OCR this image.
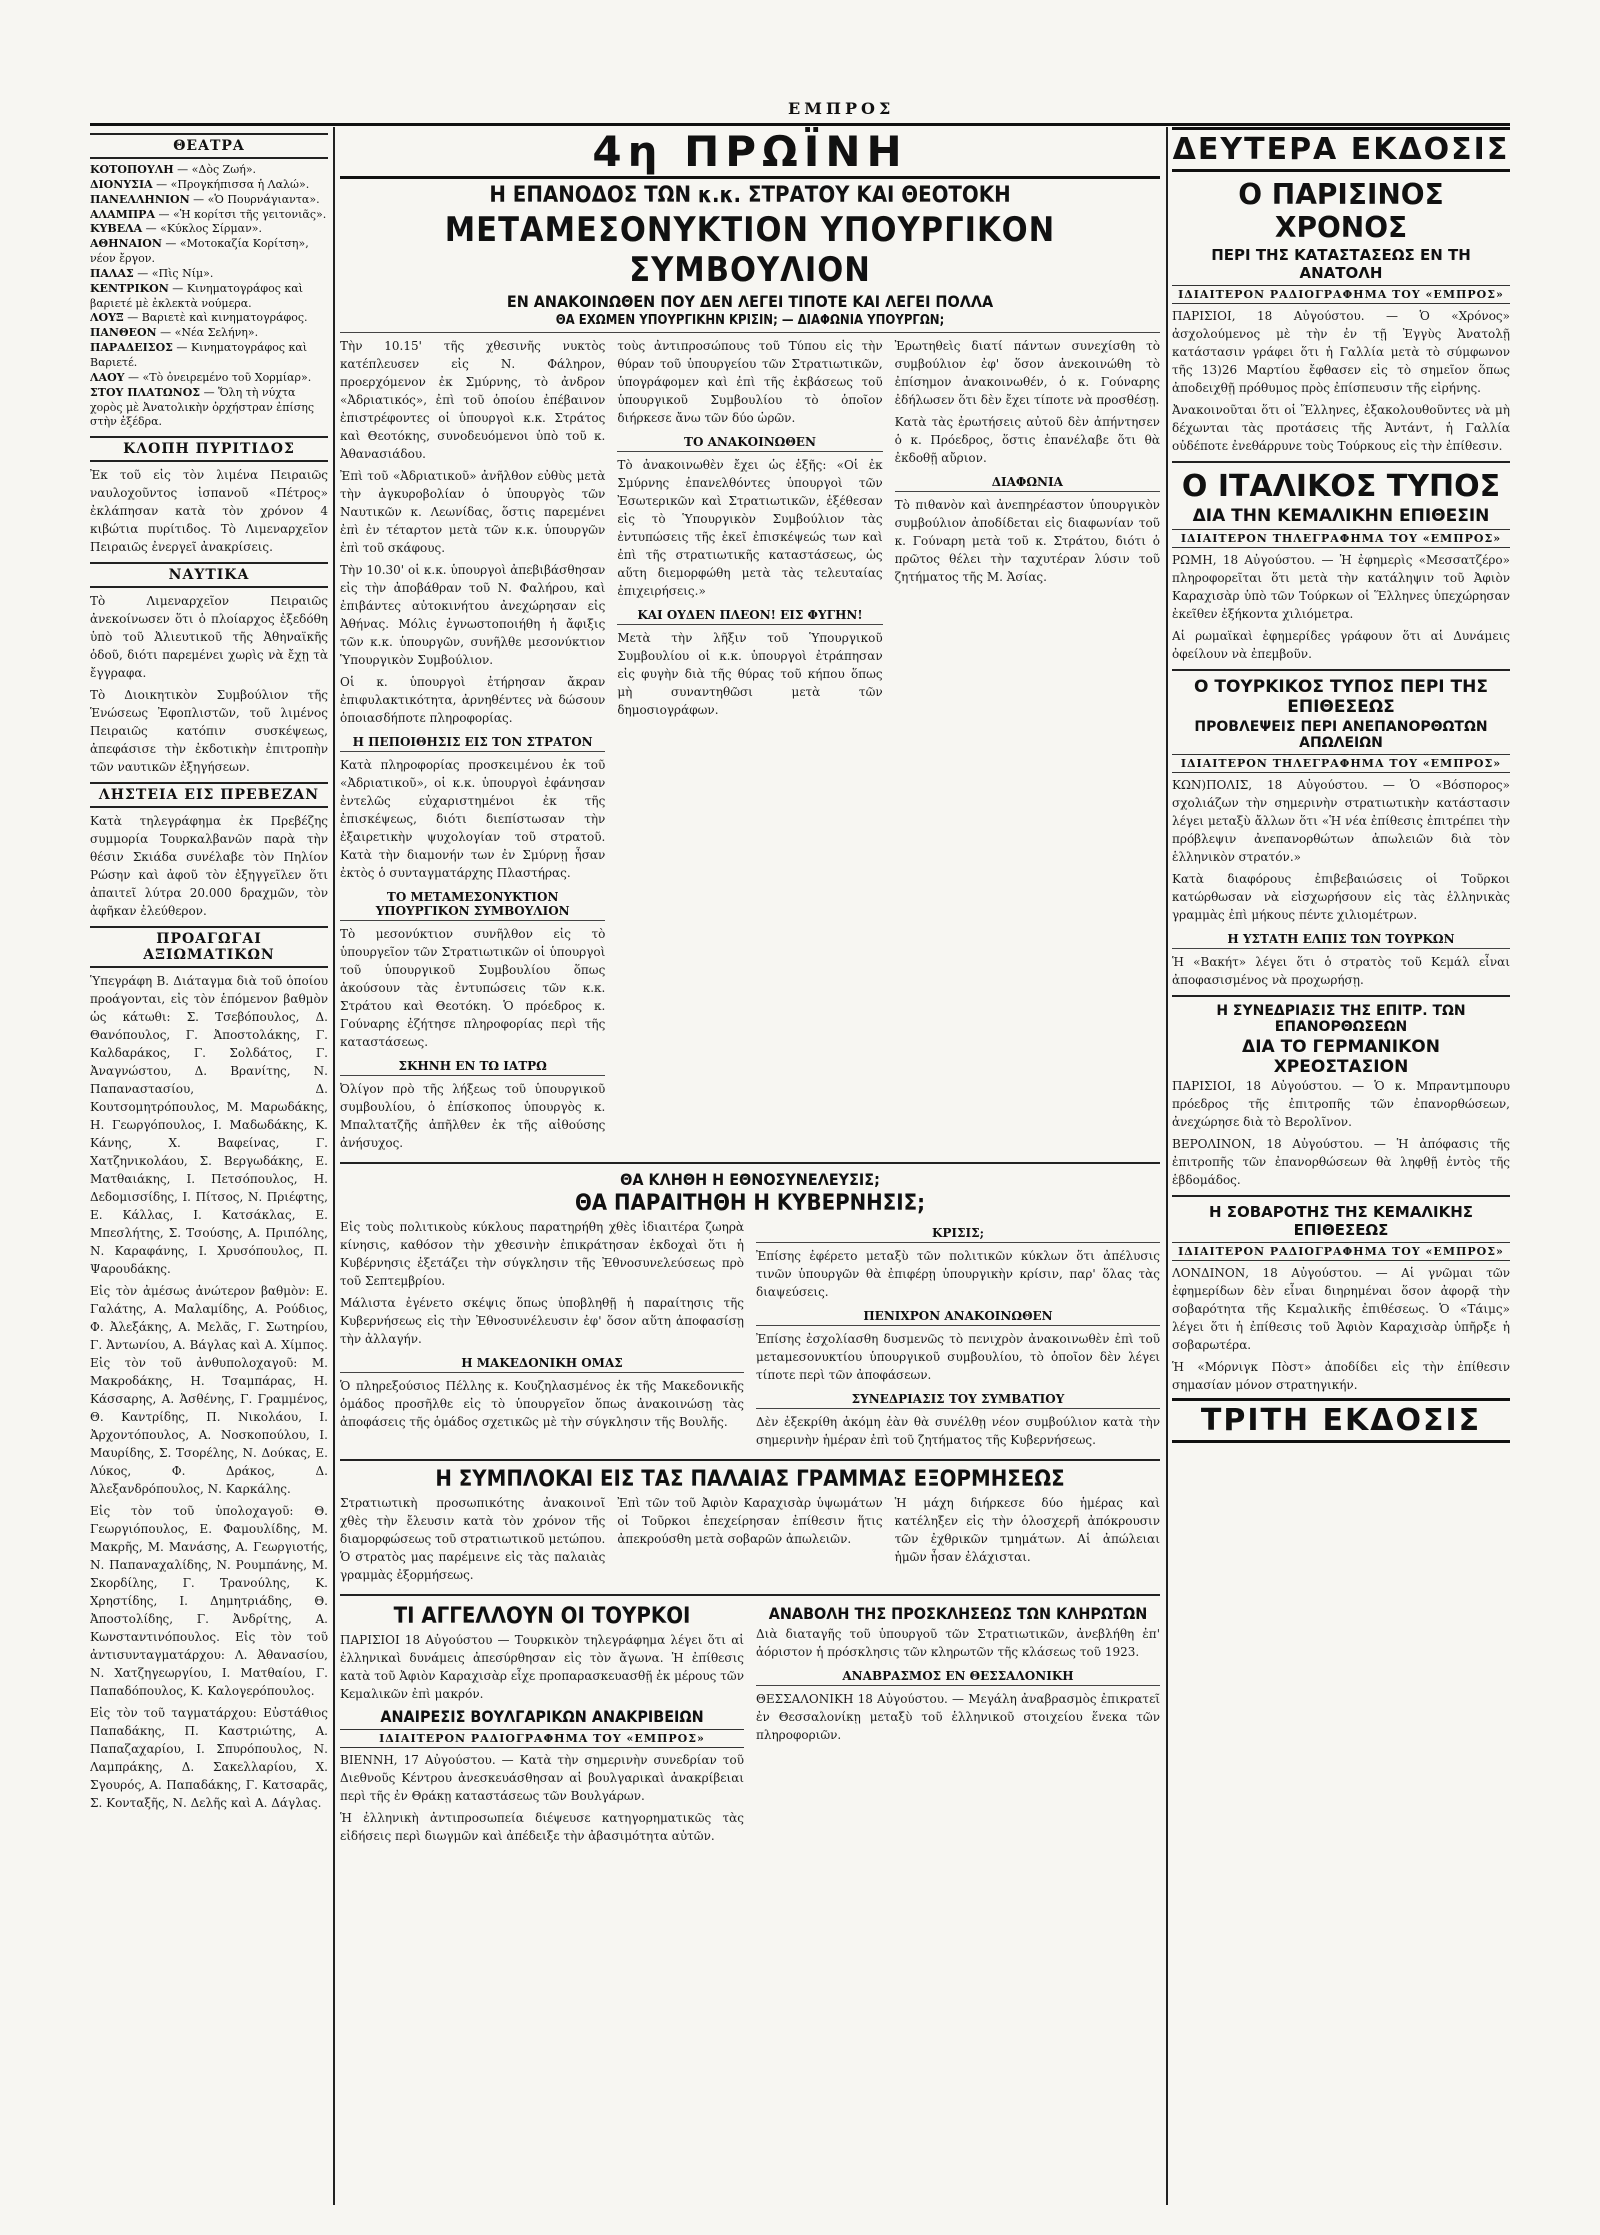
ΕΜΠΡΟΣ
ΘΕΑΤΡΑ
ΚΟΤΟΠΟΥΛΗ — «Δὸς Ζωή».
ΔΙΟΝΥΣΙΑ — «Προγκήπισσα ἡ Λαλώ».
ΠΑΝΕΛΛΗΝΙΟΝ — «Ὁ Πουρνάγιαντα».
ΑΛΑΜΠΡΑ — «Ἡ κορίτσι τῆς γειτονιᾶς».
ΚΥΒΕΛΑ — «Κύκλος Σίρμαν».
ΑΘΗΝΑΙΟΝ — «Μοτοκαζία Κορίτση», νέον ἔργον.
ΠΑΛΑΣ — «Πὶς Νίμ».
ΚΕΝΤΡΙΚΟΝ — Κινηματογράφος καὶ βαριετέ μὲ ἐκλεκτὰ νούμερα.
ΛΟΥΞ — Βαριετὲ καὶ κινηματογράφος.
ΠΑΝΘΕΟΝ — «Νέα Σελήνη».
ΠΑΡΑΔΕΙΣΟΣ — Κινηματογράφος καὶ Βαριετέ.
ΛΑΟΥ — «Τὸ ὀνειρεμένο τοῦ Χορμίαρ».
ΣΤΟΥ ΠΛΑΤΩΝΟΣ — Ὅλη τὴ νύχτα χορὸς μὲ Ἀνατολικὴν ὀρχήστραν ἐπίσης στὴν ἐξέδρα.
ΚΛΟΠΗ ΠΥΡΙΤΙΔΟΣ

Ἐκ τοῦ εἰς τὸν λιμένα Πειραιῶς ναυλοχοῦντος ἰσπανοῦ «Πέτρος» ἐκλάπησαν κατὰ τὸν χρόνον 4 κιβώτια πυρίτιδος. Τὸ Λιμεναρχεῖον Πειραιῶς ἐνεργεῖ ἀνακρίσεις.

ΝΑΥΤΙΚΑ

Τὸ Λιμεναρχεῖον Πειραιῶς ἀνεκοίνωσεν ὅτι ὁ πλοίαρχος ἐξεδόθη ὑπὸ τοῦ Ἀλιευτικοῦ τῆς Ἀθηναϊκῆς ὁδοῦ, διότι παρεμένει χωρὶς νὰ ἔχῃ τὰ ἔγγραφα.

Τὸ Διοικητικὸν Συμβούλιον τῆς Ἑνώσεως Ἐφοπλιστῶν, τοῦ λιμένος Πειραιῶς κατόπιν συσκέψεως, ἀπεφάσισε τὴν ἐκδοτικὴν ἐπιτροπὴν τῶν ναυτικῶν ἐξηγήσεων.

ΛΗΣΤΕΙΑ ΕΙΣ ΠΡΕΒΕΖΑΝ

Κατὰ τηλεγράφημα ἐκ Πρεβέζης συμμορία Τουρκαλβανῶν παρὰ τὴν θέσιν Σκιάδα συνέλαβε τὸν Πηλίον Ρώσην καὶ ἀφοῦ τὸν ἐξηγγεῖλεν ὅτι ἀπαιτεῖ λύτρα 20.000 δραχμῶν, τὸν ἀφῆκαν ἐλεύθερον.

ΠΡΟΑΓΩΓΑΙ ΑΞΙΩΜΑΤΙΚΩΝ

Ὑπεγράφη Β. Διάταγμα διὰ τοῦ ὁποίου προάγονται, εἰς τὸν ἑπόμενον βαθμὸν ὡς κάτωθι: Σ. Τσεβόπουλος, Δ. Θανόπουλος, Γ. Ἀποστολάκης, Γ. Καλδαράκος, Γ. Σολδάτος, Γ. Ἀναγνώστου, Δ. Βρανίτης, Ν. Παπαναστασίου, Δ. Κουτσομητρόπουλος, Μ. Μαρωδάκης, Η. Γεωργόπουλος, Ι. Μαδωδάκης, Κ. Κάνης, Χ. Βαφείνας, Γ. Χατζηνικολάου, Σ. Βεργωδάκης, Ε. Ματθαιάκης, Ι. Πετσόπουλος, Η. Δεδομισσίδης, Ι. Πίτσος, Ν. Πριέφτης, Ε. Κάλλας, Ι. Κατσάκλας, Ε. Μπεσλήτης, Σ. Τσούσης, Α. Πριπόλης, Ν. Καραφάνης, Ι. Χρυσόπουλος, Π. Ψαρουδάκης.

Εἰς τὸν ἀμέσως ἀνώτερον βαθμὸν: Ε. Γαλάτης, Α. Μαλαμίδης, Α. Ρούδιος, Φ. Ἀλεξάκης, Α. Μελᾶς, Γ. Σωτηρίου, Γ. Ἀντωνίου, Α. Βάγλας καὶ Α. Χίμπος. Εἰς τὸν τοῦ ἀνθυπολοχαγοῦ: Μ. Μακροδάκης, Η. Τσαμπάρας, Η. Κάσσαρης, Α. Ἀσθένης, Γ. Γραμμένος, Θ. Καντρίδης, Π. Νικολάου, Ι. Ἀρχοντόπουλος, Α. Νοσκοπούλου, Ι. Μαυρίδης, Σ. Τσορέλης, Ν. Δούκας, Ε. Λύκος, Φ. Δράκος, Δ. Ἀλεξανδρόπουλος, Ν. Καρκάλης.

Εἰς τὸν τοῦ ὑπολοχαγοῦ: Θ. Γεωργιόπουλος, Ε. Φαμουλίδης, Μ. Μακρῆς, Μ. Μανάσης, Α. Γεωργιοτής, Ν. Παπαναχαλίδης, Ν. Ρουμπάνης, Μ. Σκορδίλης, Γ. Τρανούλης, Κ. Χρηστίδης, Ι. Δημητριάδης, Θ. Ἀποστολίδης, Γ. Ἀνδρίτης, Α. Κωνσταντινόπουλος. Εἰς τὸν τοῦ ἀντισυνταγματάρχου: Λ. Ἀθανασίου, Ν. Χατζηγεωργίου, Ι. Ματθαίου, Γ. Παπαδόπουλος, Κ. Καλογερόπουλος.

Εἰς τὸν τοῦ ταγματάρχου: Εὐστάθιος Παπαδάκης, Π. Καστριώτης, Α. Παπαζαχαρίου, Ι. Σπυρόπουλος, Ν. Λαμπράκης, Δ. Σακελλαρίου, Χ. Σγουρός, Α. Παπαδάκης, Γ. Κατσαρᾶς, Σ. Κονταξῆς, Ν. Δελῆς καὶ Α. Δάγλας.

4η ΠΡΩΪΝΗ
Η ΕΠΑΝΟΔΟΣ ΤΩΝ κ.κ. ΣΤΡΑΤΟΥ ΚΑΙ ΘΕΟΤΟΚΗ
ΜΕΤΑΜΕΣΟΝΥΚΤΙΟΝ ΥΠΟΥΡΓΙΚΟΝ ΣΥΜΒΟΥΛΙΟΝ
ΕΝ ΑΝΑΚΟΙΝΩΘΕΝ ΠΟΥ ΔΕΝ ΛΕΓΕΙ ΤΙΠΟΤΕ ΚΑΙ ΛΕΓΕΙ ΠΟΛΛΑ
ΘΑ ΕΧΩΜΕΝ ΥΠΟΥΡΓΙΚΗΝ ΚΡΙΣΙΝ; — ΔΙΑΦΩΝΙΑ ΥΠΟΥΡΓΩΝ;

Τὴν 10.15' τῆς χθεσινῆς νυκτὸς κατέπλευσεν εἰς Ν. Φάληρον, προερχόμενον ἐκ Σμύρνης, τὸ ἀνδρον «Ἀδριατικός», ἐπὶ τοῦ ὁποίου ἐπέβαινον ἐπιστρέφοντες οἱ ὑπουργοὶ κ.κ. Στράτος καὶ Θεοτόκης, συνοδευόμενοι ὑπὸ τοῦ κ. Ἀθανασιάδου.

Ἐπὶ τοῦ «Ἀδριατικοῦ» ἀνῆλθον εὐθὺς μετὰ τὴν ἀγκυροβολίαν ὁ ὑπουργὸς τῶν Ναυτικῶν κ. Λεωνίδας, ὅστις παρεμένει ἐπὶ ἐν τέταρτον μετὰ τῶν κ.κ. ὑπουργῶν ἐπὶ τοῦ σκάφους.

Τὴν 10.30' οἱ κ.κ. ὑπουργοὶ ἀπεβιβάσθησαν εἰς τὴν ἀποβάθραν τοῦ Ν. Φαλήρου, καὶ ἐπιβάντες αὐτοκινήτου ἀνεχώρησαν εἰς Ἀθήνας. Μόλις ἐγνωστοποιήθη ἡ ἄφιξις τῶν κ.κ. ὑπουργῶν, συνῆλθε μεσονύκτιον Ὑπουργικὸν Συμβούλιον.

Οἱ κ. ὑπουργοὶ ἐτήρησαν ἄκραν ἐπιφυλακτικότητα, ἀρνηθέντες νὰ δώσουν ὁποιασδήποτε πληροφορίας.

Η ΠΕΠΟΙΘΗΣΙΣ ΕΙΣ ΤΟΝ ΣΤΡΑΤΟΝ

Κατὰ πληροφορίας προσκειμένου ἐκ τοῦ «Ἀδριατικοῦ», οἱ κ.κ. ὑπουργοὶ ἐφάνησαν ἐντελῶς εὐχαριστημένοι ἐκ τῆς ἐπισκέψεως, διότι διεπίστωσαν τὴν ἐξαιρετικὴν ψυχολογίαν τοῦ στρατοῦ. Κατὰ τὴν διαμονήν των ἐν Σμύρνῃ ἦσαν ἐκτὸς ὁ συνταγματάρχης Πλαστήρας.

ΤΟ ΜΕΤΑΜΕΣΟΝΥΚΤΙΟΝ ΥΠΟΥΡΓΙΚΟΝ ΣΥΜΒΟΥΛΙΟΝ

Τὸ μεσονύκτιον συνῆλθον εἰς τὸ ὑπουργεῖον τῶν Στρατιωτικῶν οἱ ὑπουργοὶ τοῦ ὑπουργικοῦ Συμβουλίου ὅπως ἀκούσουν τὰς ἐντυπώσεις τῶν κ.κ. Στράτου καὶ Θεοτόκη. Ὁ πρόεδρος κ. Γούναρης ἐζήτησε πληροφορίας περὶ τῆς καταστάσεως.

ΣΚΗΝΗ ΕΝ ΤΩ ΙΑΤΡΩ

Ὀλίγον πρὸ τῆς λήξεως τοῦ ὑπουργικοῦ συμβουλίου, ὁ ἐπίσκοπος ὑπουργὸς κ. Μπαλτατζῆς ἀπῆλθεν ἐκ τῆς αἰθούσης ἀνήσυχος.

τοὺς ἀντιπροσώπους τοῦ Τύπου εἰς τὴν θύραν τοῦ ὑπουργείου τῶν Στρατιωτικῶν, ὑπογράφομεν καὶ ἐπὶ τῆς ἐκβάσεως τοῦ ὑπουργικοῦ Συμβουλίου τὸ ὁποῖον διήρκεσε ἄνω τῶν δύο ὡρῶν.

ΤΟ ΑΝΑΚΟΙΝΩΘΕΝ

Τὸ ἀνακοινωθὲν ἔχει ὡς ἑξῆς: «Οἱ ἐκ Σμύρνης ἐπανελθόντες ὑπουργοὶ τῶν Ἐσωτερικῶν καὶ Στρατιωτικῶν, ἐξέθεσαν εἰς τὸ Ὑπουργικὸν Συμβούλιον τὰς ἐντυπώσεις τῆς ἐκεῖ ἐπισκέψεώς των καὶ ἐπὶ τῆς στρατιωτικῆς καταστάσεως, ὡς αὕτη διεμορφώθη μετὰ τὰς τελευταίας ἐπιχειρήσεις.»

ΚΑΙ ΟΥΔΕΝ ΠΛΕΟΝ! ΕΙΣ ΦΥΓΗΝ!

Μετὰ τὴν λῆξιν τοῦ Ὑπουργικοῦ Συμβουλίου οἱ κ.κ. ὑπουργοὶ ἐτράπησαν εἰς φυγὴν διὰ τῆς θύρας τοῦ κήπου ὅπως μὴ συναντηθῶσι μετὰ τῶν δημοσιογράφων.

Ἐρωτηθεὶς διατί πάντων συνεχίσθη τὸ συμβούλιον ἐφ' ὅσον ἀνεκοινώθη τὸ ἐπίσημον ἀνακοινωθέν, ὁ κ. Γούναρης ἐδήλωσεν ὅτι δὲν ἔχει τίποτε νὰ προσθέσῃ.

Κατὰ τὰς ἐρωτήσεις αὐτοῦ δὲν ἀπήντησεν ὁ κ. Πρόεδρος, ὅστις ἐπανέλαβε ὅτι θὰ ἐκδοθῇ αὔριον.

ΔΙΑΦΩΝΙΑ

Τὸ πιθανὸν καὶ ἀνεπηρέαστον ὑπουργικὸν συμβούλιον ἀποδίδεται εἰς διαφωνίαν τοῦ κ. Γούναρη μετὰ τοῦ κ. Στράτου, διότι ὁ πρῶτος θέλει τὴν ταχυτέραν λύσιν τοῦ ζητήματος τῆς Μ. Ἀσίας.

ΘΑ ΚΛΗΘΗ Η ΕΘΝΟΣΥΝΕΛΕΥΣΙΣ;
ΘΑ ΠΑΡΑΙΤΗΘΗ Η ΚΥΒΕΡΝΗΣΙΣ;

Εἰς τοὺς πολιτικοὺς κύκλους παρατηρήθη χθὲς ἰδιαιτέρα ζωηρὰ κίνησις, καθόσον τὴν χθεσινὴν ἐπικράτησαν ἐκδοχαὶ ὅτι ἡ Κυβέρνησις ἐξετάζει τὴν σύγκλησιν τῆς Ἐθνοσυνελεύσεως πρὸ τοῦ Σεπτεμβρίου.

Μάλιστα ἐγένετο σκέψις ὅπως ὑποβληθῇ ἡ παραίτησις τῆς Κυβερνήσεως εἰς τὴν Ἐθνοσυνέλευσιν ἐφ' ὅσον αὕτη ἀποφασίσῃ τὴν ἀλλαγήν.

Η ΜΑΚΕΔΟΝΙΚΗ ΟΜΑΣ

Ὁ πληρεξούσιος Πέλλης κ. Κουζηλασμένος ἐκ τῆς Μακεδονικῆς ὁμάδος προσῆλθε εἰς τὸ ὑπουργεῖον ὅπως ἀνακοινώσῃ τὰς ἀποφάσεις τῆς ὁμάδος σχετικῶς μὲ τὴν σύγκλησιν τῆς Βουλῆς.

ΚΡΙΣΙΣ;

Ἐπίσης ἐφέρετο μεταξὺ τῶν πολιτικῶν κύκλων ὅτι ἀπέλυσις τινῶν ὑπουργῶν θὰ ἐπιφέρῃ ὑπουργικὴν κρίσιν, παρ' ὅλας τὰς διαψεύσεις.

ΠΕΝΙΧΡΟΝ ΑΝΑΚΟΙΝΩΘΕΝ

Ἐπίσης ἐσχολίασθη δυσμενῶς τὸ πενιχρὸν ἀνακοινωθὲν ἐπὶ τοῦ μεταμεσονυκτίου ὑπουργικοῦ συμβουλίου, τὸ ὁποῖον δὲν λέγει τίποτε περὶ τῶν ἀποφάσεων.

ΣΥΝΕΔΡΙΑΣΙΣ ΤΟΥ ΣΥΜΒΑΤΙΟΥ

Δὲν ἐξεκρίθη ἀκόμη ἐὰν θὰ συνέλθῃ νέον συμβούλιον κατὰ τὴν σημερινὴν ἡμέραν ἐπὶ τοῦ ζητήματος τῆς Κυβερνήσεως.

Η ΣΥΜΠΛΟΚΑΙ ΕΙΣ ΤΑΣ ΠΑΛΑΙΑΣ ΓΡΑΜΜΑΣ ΕΞΟΡΜΗΣΕΩΣ

Στρατιωτικὴ προσωπικότης ἀνακοινοῖ χθὲς τὴν ἔλευσιν κατὰ τὸν χρόνον τῆς διαμορφώσεως τοῦ στρατιωτικοῦ μετώπου. Ὁ στρατὸς μας παρέμεινε εἰς τὰς παλαιὰς γραμμὰς ἐξορμήσεως.

Ἐπὶ τῶν τοῦ Ἀφιὸν Καραχισὰρ ὑψωμάτων οἱ Τοῦρκοι ἐπεχείρησαν ἐπίθεσιν ἥτις ἀπεκρούσθη μετὰ σοβαρῶν ἀπωλειῶν.

Ἡ μάχη διήρκεσε δύο ἡμέρας καὶ κατέληξεν εἰς τὴν ὁλοσχερῆ ἀπόκρουσιν τῶν ἐχθρικῶν τμημάτων. Αἱ ἀπώλειαι ἡμῶν ἦσαν ἐλάχισται.

ΤΙ ΑΓΓΕΛΛΟΥΝ ΟΙ ΤΟΥΡΚΟΙ

ΠΑΡΙΣΙΟΙ 18 Αὐγούστου — Τουρκικὸν τηλεγράφημα λέγει ὅτι αἱ ἐλληνικαὶ δυνάμεις ἀπεσύρθησαν εἰς τὸν ἄγωνα. Ἡ ἐπίθεσις κατὰ τοῦ Ἀφιὸν Καραχισὰρ εἶχε προπαρασκευασθῇ ἐκ μέρους τῶν Κεμαλικῶν ἐπὶ μακρόν.

ΑΝΑΙΡΕΣΙΣ ΒΟΥΛΓΑΡΙΚΩΝ ΑΝΑΚΡΙΒΕΙΩΝ
ΙΔΙΑΙΤΕΡΟΝ ΡΑΔΙΟΓΡΑΦΗΜΑ ΤΟΥ «ΕΜΠΡΟΣ»

ΒΙΕΝΝΗ, 17 Αὐγούστου. — Κατὰ τὴν σημερινὴν συνεδρίαν τοῦ Διεθνοῦς Κέντρου ἀνεσκευάσθησαν αἱ βουλγαρικαὶ ἀνακρίβειαι περὶ τῆς ἐν Θράκῃ καταστάσεως τῶν Βουλγάρων.

Ἡ ἐλληνικὴ ἀντιπροσωπεία διέψευσε κατηγορηματικῶς τὰς εἰδήσεις περὶ διωγμῶν καὶ ἀπέδειξε τὴν ἀβασιμότητα αὐτῶν.

ΑΝΑΒΟΛΗ ΤΗΣ ΠΡΟΣΚΛΗΣΕΩΣ ΤΩΝ ΚΛΗΡΩΤΩΝ

Διὰ διαταγῆς τοῦ ὑπουργοῦ τῶν Στρατιωτικῶν, ἀνεβλήθη ἐπ' ἀόριστον ἡ πρόσκλησις τῶν κληρωτῶν τῆς κλάσεως τοῦ 1923.

ΑΝΑΒΡΑΣΜΟΣ ΕΝ ΘΕΣΣΑΛΟΝΙΚΗ

ΘΕΣΣΑΛΟΝΙΚΗ 18 Αὐγούστου. — Μεγάλη ἀναβρασμὸς ἐπικρατεῖ ἐν Θεσσαλονίκῃ μεταξὺ τοῦ ἑλληνικοῦ στοιχείου ἕνεκα τῶν πληροφοριῶν.

ΔΕΥΤΕΡΑ ΕΚΔΟΣΙΣ
Ο ΠΑΡΙΣΙΝΟΣ ΧΡΟΝΟΣ
ΠΕΡΙ ΤΗΣ ΚΑΤΑΣΤΑΣΕΩΣ ΕΝ ΤΗ ΑΝΑΤΟΛΗ
ΙΔΙΑΙΤΕΡΟΝ ΡΑΔΙΟΓΡΑΦΗΜΑ ΤΟΥ «ΕΜΠΡΟΣ»

ΠΑΡΙΣΙΟΙ, 18 Αὐγούστου. — Ὁ «Χρόνος» ἀσχολούμενος μὲ τὴν ἐν τῇ Ἐγγὺς Ἀνατολῇ κατάστασιν γράφει ὅτι ἡ Γαλλία μετὰ τὸ σύμφωνον τῆς 13)26 Μαρτίου ἔφθασεν εἰς τὸ σημεῖον ὅπως ἀποδειχθῇ πρόθυμος πρὸς ἐπίσπευσιν τῆς εἰρήνης.

Ἀνακοινοῦται ὅτι οἱ Ἕλληνες, ἐξακολουθοῦντες νὰ μὴ δέχωνται τὰς προτάσεις τῆς Ἀντάντ, ἡ Γαλλία οὐδέποτε ἐνεθάρρυνε τοὺς Τούρκους εἰς τὴν ἐπίθεσιν.

Ο ΙΤΑΛΙΚΟΣ ΤΥΠΟΣ
ΔΙΑ ΤΗΝ ΚΕΜΑΛΙΚΗΝ ΕΠΙΘΕΣΙΝ
ΙΔΙΑΙΤΕΡΟΝ ΤΗΛΕΓΡΑΦΗΜΑ ΤΟΥ «ΕΜΠΡΟΣ»

ΡΩΜΗ, 18 Αὐγούστου. — Ἡ ἐφημερὶς «Μεσσατζέρο» πληροφορεῖται ὅτι μετὰ τὴν κατάληψιν τοῦ Ἀφιὸν Καραχισὰρ ὑπὸ τῶν Τούρκων οἱ Ἕλληνες ὑπεχώρησαν ἐκεῖθεν ἐξήκοντα χιλιόμετρα.

Αἱ ρωμαϊκαὶ ἐφημερίδες γράφουν ὅτι αἱ Δυνάμεις ὀφείλουν νὰ ἐπεμβοῦν.

Ο ΤΟΥΡΚΙΚΟΣ ΤΥΠΟΣ ΠΕΡΙ ΤΗΣ ΕΠΙΘΕΣΕΩΣ
ΠΡΟΒΛΕΨΕΙΣ ΠΕΡΙ ΑΝΕΠΑΝΟΡΘΩΤΩΝ ΑΠΩΛΕΙΩΝ
ΙΔΙΑΙΤΕΡΟΝ ΤΗΛΕΓΡΑΦΗΜΑ ΤΟΥ «ΕΜΠΡΟΣ»

ΚΩΝ)ΠΟΛΙΣ, 18 Αὐγούστου. — Ὁ «Βόσπορος» σχολιάζων τὴν σημερινὴν στρατιωτικὴν κατάστασιν λέγει μεταξὺ ἄλλων ὅτι «Ἡ νέα ἐπίθεσις ἐπιτρέπει τὴν πρόβλεψιν ἀνεπανορθώτων ἀπωλειῶν διὰ τὸν ἑλληνικὸν στρατόν.»

Κατὰ διαφόρους ἐπιβεβαιώσεις οἱ Τοῦρκοι κατώρθωσαν νὰ εἰσχωρήσουν εἰς τὰς ἑλληνικὰς γραμμὰς ἐπὶ μήκους πέντε χιλιομέτρων.

Η ΥΣΤΑΤΗ ΕΛΠΙΣ ΤΩΝ ΤΟΥΡΚΩΝ

Ἡ «Βακήτ» λέγει ὅτι ὁ στρατὸς τοῦ Κεμάλ εἶναι ἀποφασισμένος νὰ προχωρήσῃ.

Η ΣΥΝΕΔΡΙΑΣΙΣ ΤΗΣ ΕΠΙΤΡ. ΤΩΝ ΕΠΑΝΟΡΘΩΣΕΩΝ
ΔΙΑ ΤΟ ΓΕΡΜΑΝΙΚΟΝ ΧΡΕΟΣΤΑΣΙΟΝ

ΠΑΡΙΣΙΟΙ, 18 Αὐγούστου. — Ὁ κ. Μπραντμπουρυ πρόεδρος τῆς ἐπιτροπῆς τῶν ἐπανορθώσεων, ἀνεχώρησε διὰ τὸ Βερολῖνον.

ΒΕΡΟΛΙΝΟΝ, 18 Αὐγούστου. — Ἡ ἀπόφασις τῆς ἐπιτροπῆς τῶν ἐπανορθώσεων θὰ ληφθῇ ἐντὸς τῆς ἑβδομάδος.

Η ΣΟΒΑΡΟΤΗΣ ΤΗΣ ΚΕΜΑΛΙΚΗΣ ΕΠΙΘΕΣΕΩΣ
ΙΔΙΑΙΤΕΡΟΝ ΡΑΔΙΟΓΡΑΦΗΜΑ ΤΟΥ «ΕΜΠΡΟΣ»

ΛΟΝΔΙΝΟΝ, 18 Αὐγούστου. — Αἱ γνῶμαι τῶν ἐφημερίδων δὲν εἶναι διηρημέναι ὅσον ἀφορᾷ τὴν σοβαρότητα τῆς Κεμαλικῆς ἐπιθέσεως. Ὁ «Τάιμς» λέγει ὅτι ἡ ἐπίθεσις τοῦ Ἀφιὸν Καραχισὰρ ὑπῆρξε ἡ σοβαρωτέρα.

Ἡ «Μόρνιγκ Πὸστ» ἀποδίδει εἰς τὴν ἐπίθεσιν σημασίαν μόνον στρατηγικήν.

ΤΡΙΤΗ ΕΚΔΟΣΙΣ
